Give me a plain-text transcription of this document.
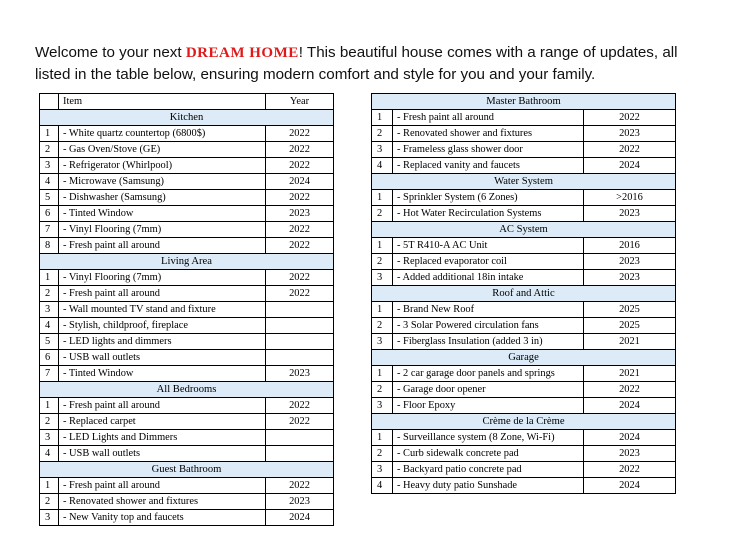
Welcome to your next DREAM HOME! This beautiful house comes with a range of updates, all listed in the table below, ensuring modern comfort and style for you and your family.
	Item	Year
Kitchen		
1	- White quartz countertop (6800$)	2022
2	- Gas Oven/Stove (GE)	2022
3	- Refrigerator (Whirlpool)	2022
4	- Microwave (Samsung)	2024
5	- Dishwasher (Samsung)	2022
6	- Tinted Window	2023
7	- Vinyl Flooring (7mm)	2022
8	- Fresh paint all around	2022
Living Area		
1	- Vinyl Flooring (7mm)	2022
2	- Fresh paint all around	2022
3	- Wall mounted TV stand and fixture	
4	- Stylish, childproof, fireplace	
5	- LED lights and dimmers	
6	- USB wall outlets	
7	- Tinted Window	2023
All Bedrooms		
1	- Fresh paint all around	2022
2	- Replaced carpet	2022
3	- LED Lights and Dimmers	
4	- USB wall outlets	
Guest Bathroom		
1	- Fresh paint all around	2022
2	- Renovated shower and fixtures	2023
3	- New Vanity top and faucets	2024
Master Bathroom		
1	- Fresh paint all around	2022
2	- Renovated shower and fixtures	2023
3	- Frameless glass shower door	2022
4	- Replaced vanity and faucets	2024
Water System		
1	- Sprinkler System (6 Zones)	>2016
2	- Hot Water Recirculation Systems	2023
AC System		
1	- 5T R410-A AC Unit	2016
2	- Replaced evaporator coil	2023
3	- Added additional 18in intake	2023
Roof and Attic		
1	- Brand New Roof	2025
2	- 3 Solar Powered circulation fans	2025
3	- Fiberglass Insulation (added 3 in)	2021
Garage		
1	- 2 car garage door panels and springs	2021
2	- Garage door opener	2022
3	- Floor Epoxy	2024
Crème de la Crème		
1	- Surveillance system (8 Zone, Wi-Fi)	2024
2	- Curb sidewalk concrete pad	2023
3	- Backyard patio concrete pad	2022
4	- Heavy duty patio Sunshade	2024
